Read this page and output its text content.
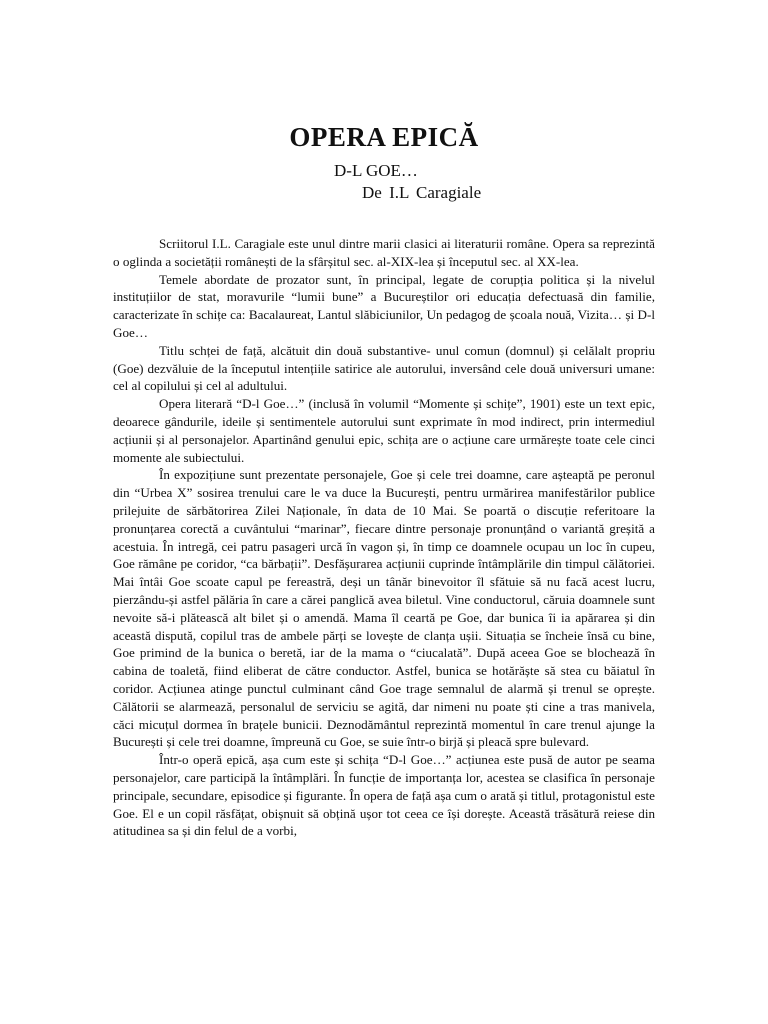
OPERA EPICĂ
D-L GOE…
De I.L Caragiale

Scriitorul I.L. Caragiale este unul dintre marii clasici ai literaturii române. Opera sa reprezintă o oglinda a societății românești de la sfârșitul sec. al-XIX-lea și începutul sec. al XX-lea.

Temele abordate de prozator sunt, în principal, legate de corupția politica și la nivelul instituțiilor de stat, moravurile “lumii bune” a Bucureștilor ori educația defectuasă din familie, caracterizate în schițe ca: Bacalaureat, Lantul slăbiciunilor, Un pedagog de școala nouă, Vizita… și D-l Goe…

Titlu schței de față, alcătuit din două substantive- unul comun (domnul) și celălalt propriu (Goe) dezvăluie de la începutul intențiile satirice ale autorului, inversând cele două universuri umane: cel al copilului și cel al adultului.

Opera literară “D-l Goe…” (inclusă în volumil “Momente și schițe”, 1901) este un text epic, deoarece gândurile, ideile și sentimentele autorului sunt exprimate în mod indirect, prin intermediul acțiunii și al personajelor. Apartinând genului epic, schița are o acțiune care urmărește toate cele cinci momente ale subiectului.

În expozițiune sunt prezentate personajele, Goe și cele trei doamne, care așteaptă pe peronul din “Urbea X” sosirea trenului care le va duce la București, pentru urmărirea manifestărilor publice prilejuite de sărbătorirea Zilei Naționale, în data de 10 Mai. Se poartă o discuție referitoare la pronunțarea corectă a cuvântului “marinar”, fiecare dintre personaje pronunțând o variantă greșită a acestuia. În intregă, cei patru pasageri urcă în vagon și, în timp ce doamnele ocupau un loc în cupeu, Goe rămâne pe coridor, “ca bărbații”. Desfășurarea acțiunii cuprinde întâmplările din timpul călătoriei. Mai întâi Goe scoate capul pe fereastră, deși un tânăr binevoitor îl sfătuie să nu facă acest lucru, pierzându-și astfel pălăria în care a cărei panglică avea biletul. Vine conductorul, căruia doamnele sunt nevoite să-i plătească alt bilet și o amendă. Mama îl ceartă pe Goe, dar bunica îi ia apărarea și din această dispută, copilul tras de ambele părți se lovește de clanța ușii. Situația se încheie însă cu bine, Goe primind de la bunica o beretă, iar de la mama o “ciucalată”. După aceea Goe se blochează în cabina de toaletă, fiind eliberat de către conductor. Astfel, bunica se hotărăște să stea cu băiatul în coridor. Acțiunea atinge punctul culminant când Goe trage semnalul de alarmă și trenul se oprește. Călătorii se alarmează, personalul de serviciu se agită, dar nimeni nu poate ști cine a tras manivela, căci micuțul dormea în brațele bunicii. Deznodământul reprezintă momentul în care trenul ajunge la București și cele trei doamne, împreună cu Goe, se suie într-o birjă și pleacă spre bulevard.

Într-o operă epică, așa cum este și schița “D-l Goe…” acțiunea este pusă de autor pe seama personajelor, care participă la întâmplări. În funcție de importanța lor, acestea se clasifica în personaje principale, secundare, episodice și figurante. În opera de față așa cum o arată și titlul, protagonistul este Goe. El e un copil răsfățat, obișnuit să obțină ușor tot ceea ce își dorește. Această trăsătură reiese din atitudinea sa și din felul de a vorbi,
